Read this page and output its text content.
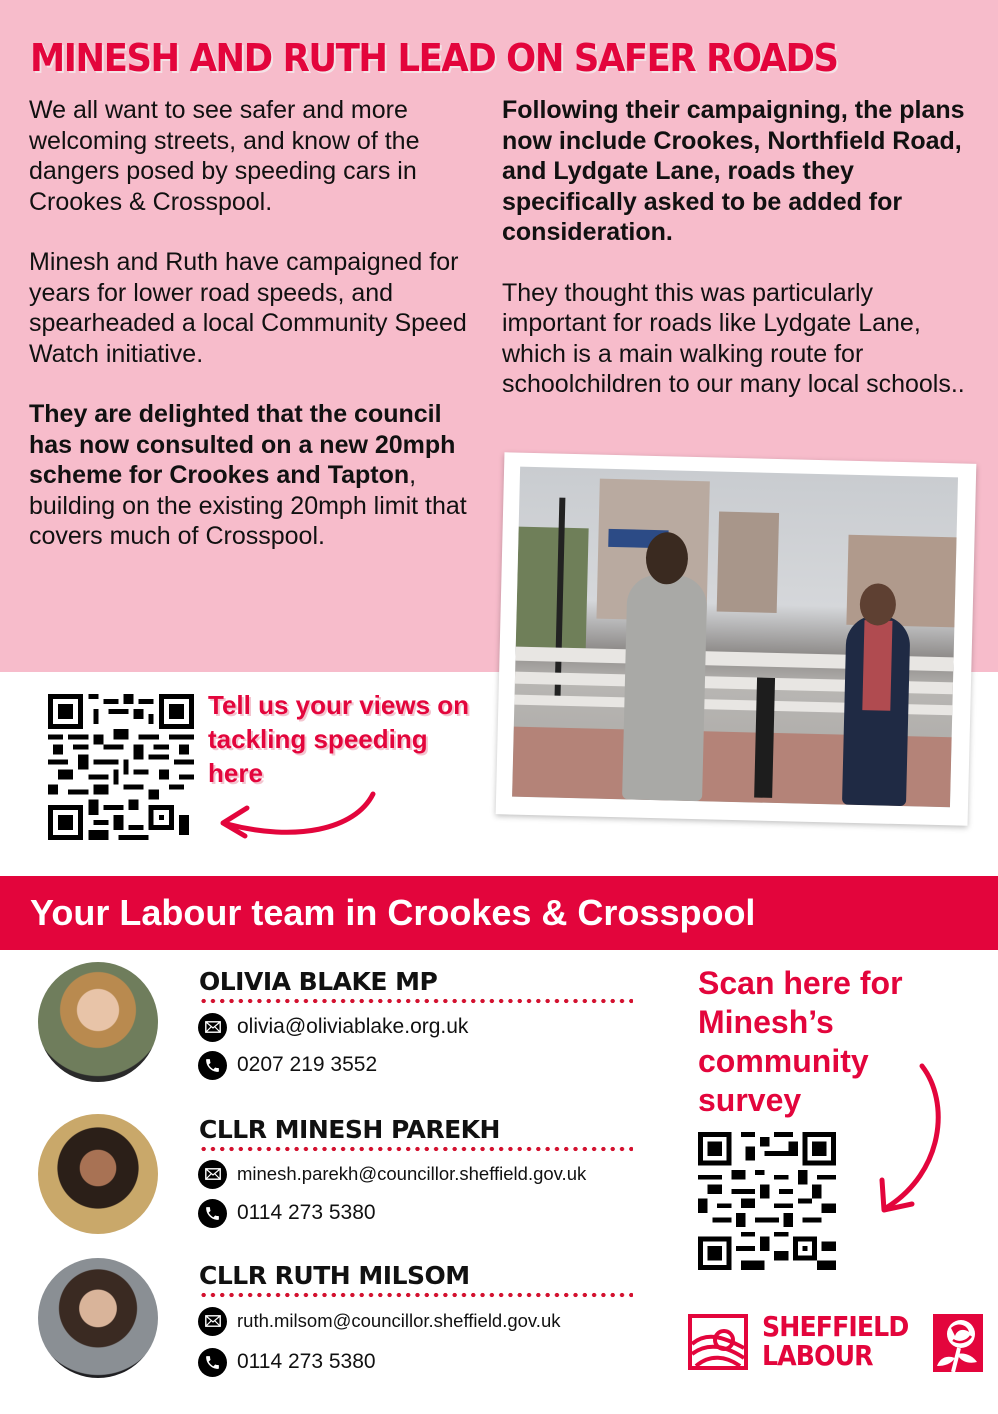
MINESH AND RUTH LEAD ON SAFER ROADS

We all want to see safer and more welcoming streets, and know of the dangers posed by speeding cars in Crookes & Crosspool.

Minesh and Ruth have campaigned for years for lower road speeds, and spearheaded a local Community Speed Watch initiative.

They are delighted that the council has now consulted on a new 20mph scheme for Crookes and Tapton, building on the existing 20mph limit that covers much of Crosspool.

Following their campaigning, the plans now include Crookes, Northfield Road, and Lydgate Lane, roads they specifically asked to be added for consideration.

They thought this was particularly important for roads like Lydgate Lane, which is a main walking route for schoolchildren to our many local schools..

Tell us your views on tackling speeding here
Your Labour team in Crookes & Crosspool
OLIVIA BLAKE MP
olivia@oliviablake.org.uk
0207 219 3552
CLLR MINESH PAREKH
minesh.parekh@councillor.sheffield.gov.uk
0114 273 5380
CLLR RUTH MILSOM
ruth.milsom@councillor.sheffield.gov.uk
0114 273 5380
Scan here for Minesh’s community survey
SHEFFIELD
LABOUR
